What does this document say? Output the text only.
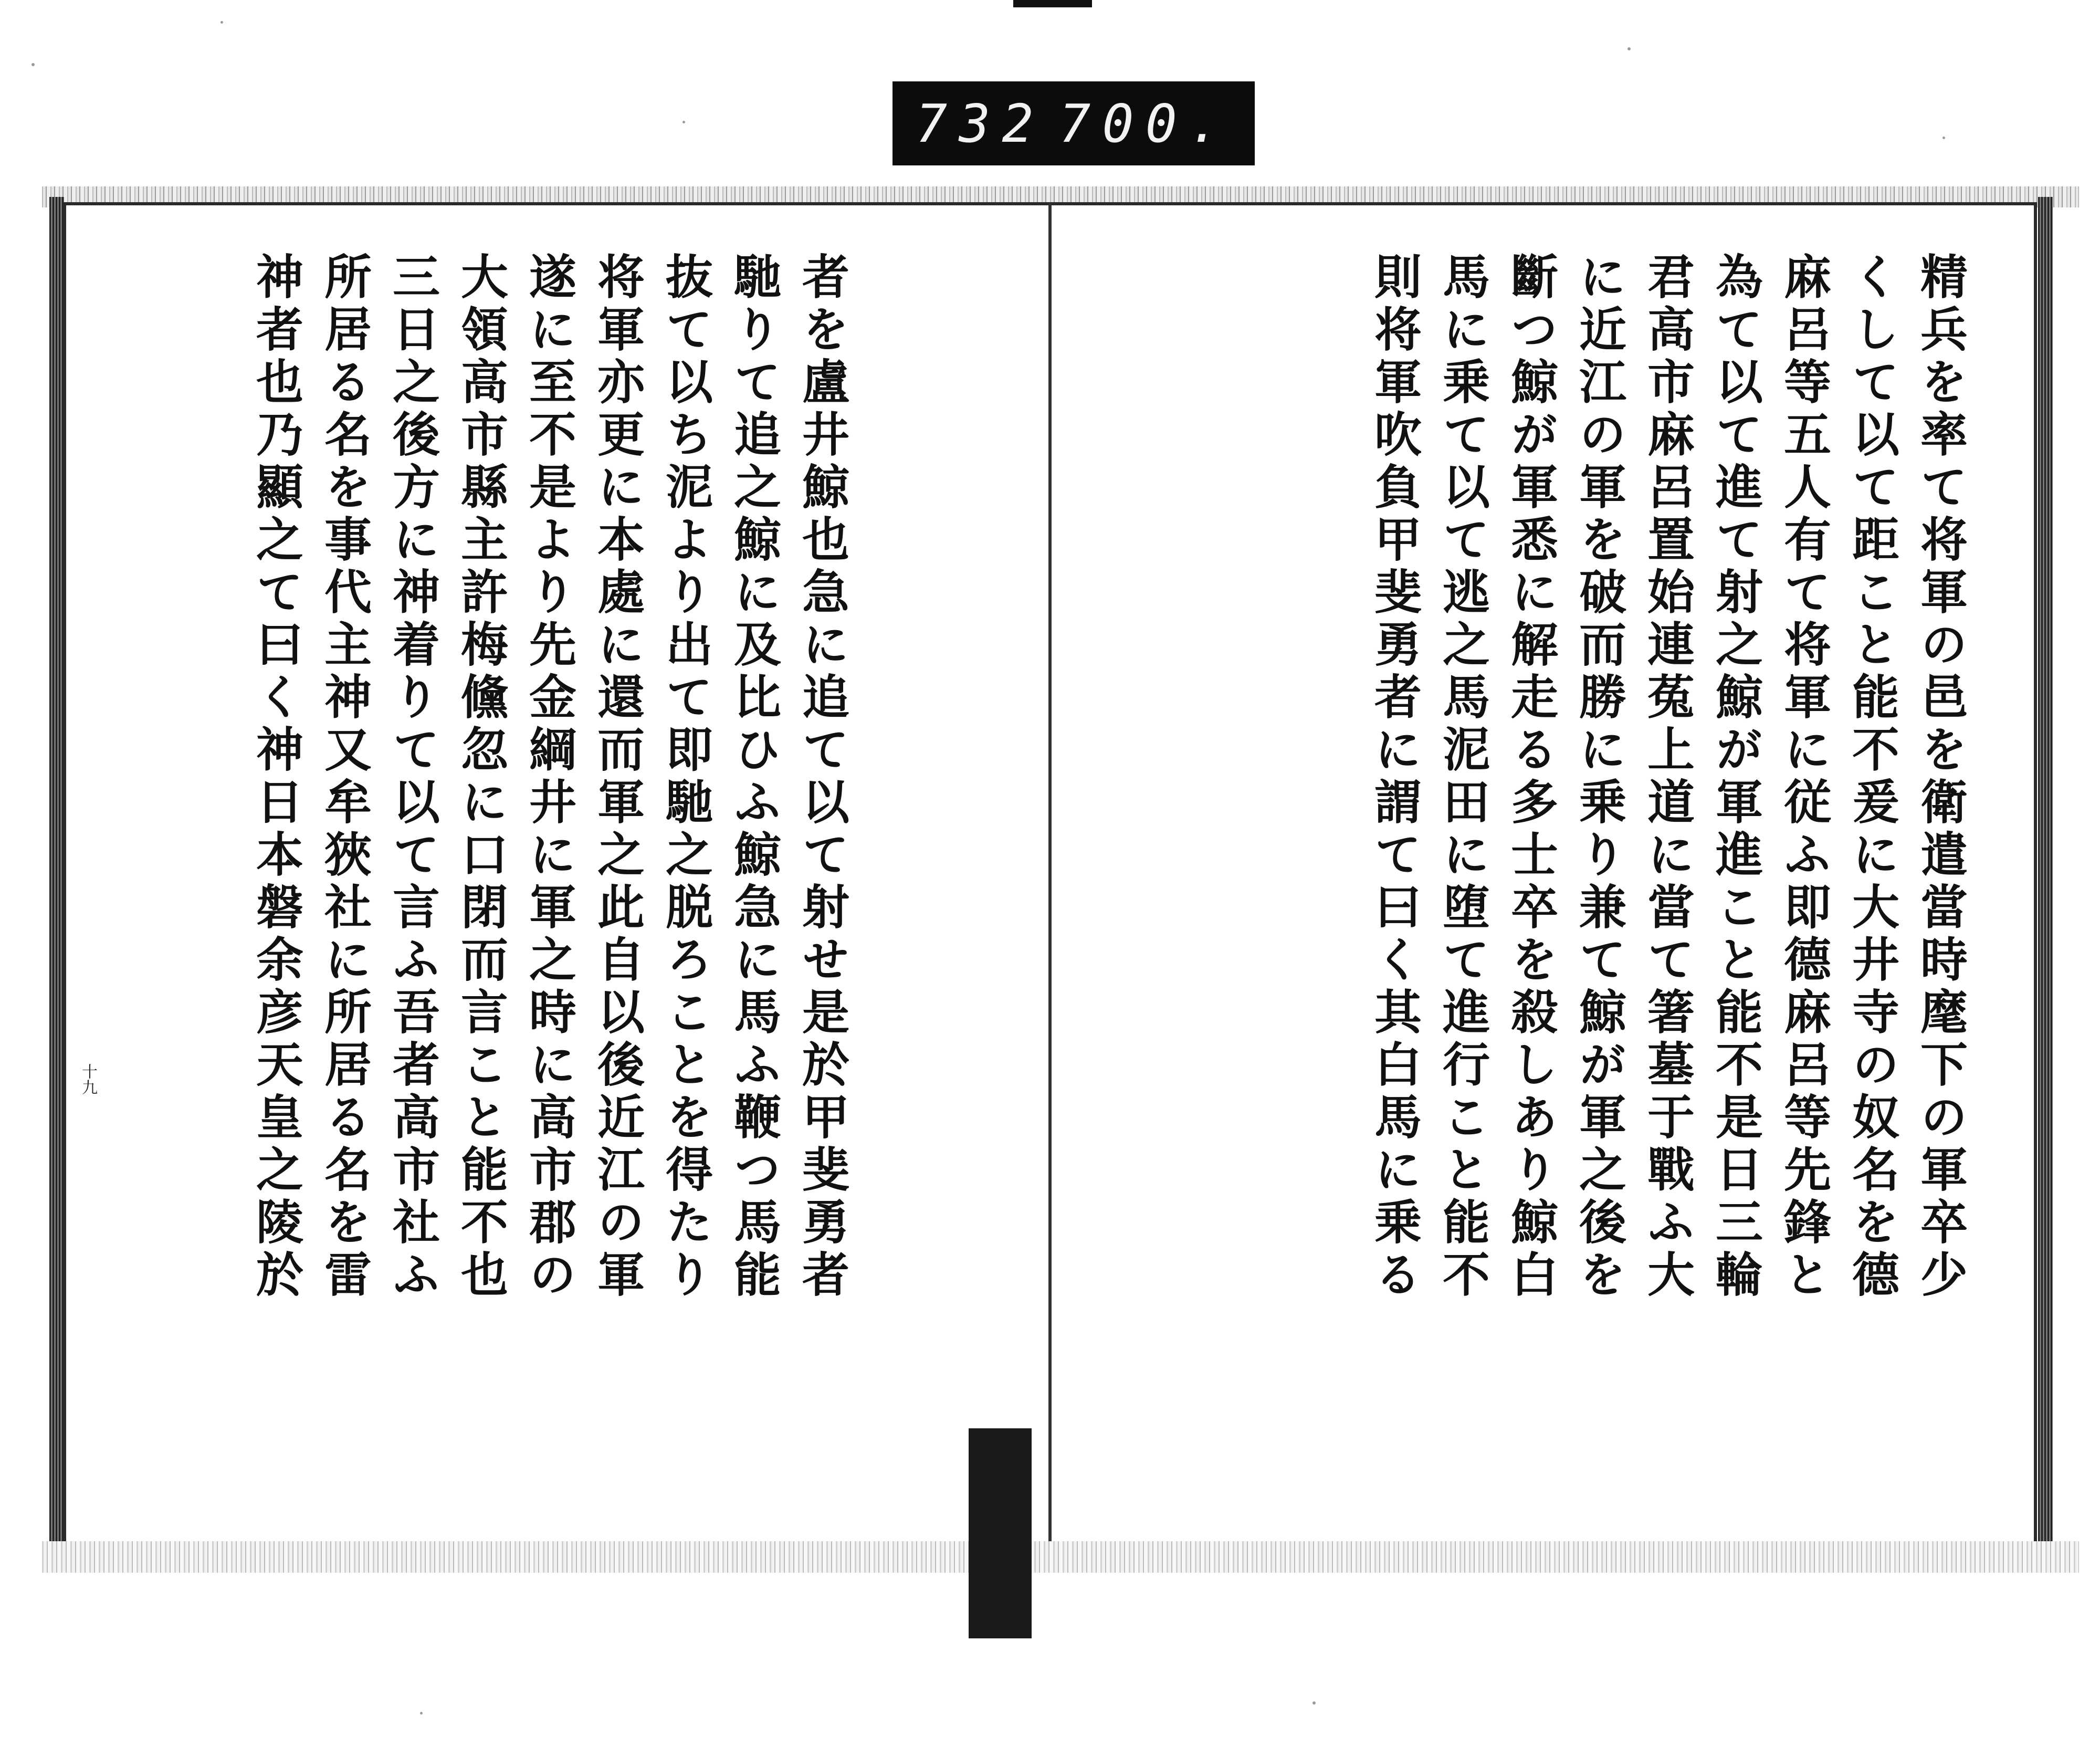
732 700.
十九	者を盧井鯨也急に追て以て射せ是於甲斐勇者
馳りて追之鯨に及比ひふ鯨急に馬ふ鞭つ馬能
抜て以ち泥より出て即馳之脱ろことを得たり
将軍亦更に本處に還而軍之此自以後近江の軍
遂に至不是より先金綱井に軍之時に高市郡の
大領高市縣主許梅儵忽に口閉而言こと能不也
三日之後方に神着りて以て言ふ吾者高市社ふ
所居る名を事代主神又牟狹社に所居る名を雷
神者也乃顯之て曰く神日本磐余彦天皇之陵於	精兵を率て将軍の邑を衛遣當時麾下の軍卒少
くして以て距こと能不爰に大井寺の奴名を德
麻呂等五人有て将軍に従ふ即德麻呂等先鋒と
為て以て進て射之鯨が軍進こと能不是日三輪
君高市麻呂置始連菟上道に當て箸墓于戰ふ大
に近江の軍を破而勝に乗り兼て鯨が軍之後を
斷つ鯨が軍悉に解走る多士卒を殺しあり鯨白
馬に乗て以て逃之馬泥田に堕て進行こと能不
則将軍吹負甲斐勇者に謂て曰く其白馬に乗る
